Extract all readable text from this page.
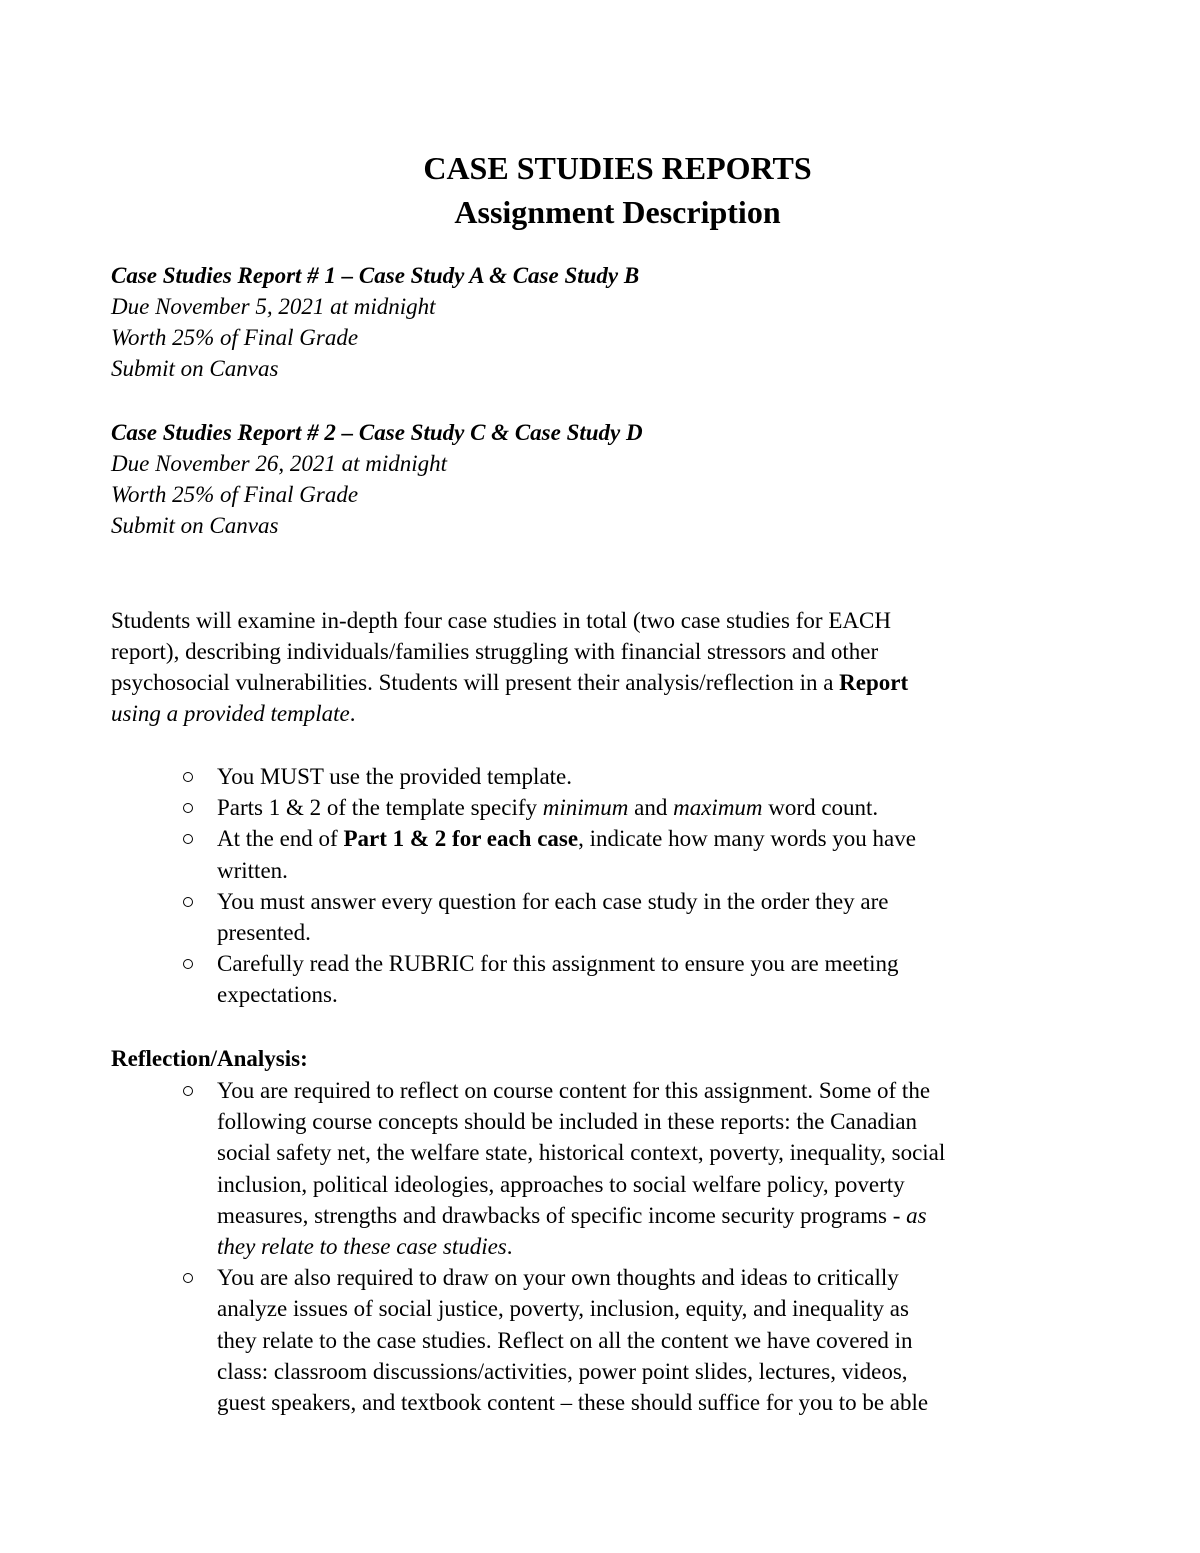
CASE STUDIES REPORTS
Assignment Description
Case Studies Report # 1 – Case Study A & Case Study B
Due November 5, 2021 at midnight
Worth 25% of Final Grade
Submit on Canvas
Case Studies Report # 2 – Case Study C & Case Study D
Due November 26, 2021 at midnight
Worth 25% of Final Grade
Submit on Canvas
Students will examine in-depth four case studies in total (two case studies for EACH
report), describing individuals/families struggling with financial stressors and other
psychosocial vulnerabilities. Students will present their analysis/reflection in a Report
using a provided template.
You MUST use the provided template.
Parts 1 & 2 of the template specify minimum and maximum word count.
At the end of Part 1 & 2 for each case, indicate how many words you have
written.
You must answer every question for each case study in the order they are
presented.
Carefully read the RUBRIC for this assignment to ensure you are meeting
expectations.

Reflection/Analysis:

You are required to reflect on course content for this assignment. Some of the
following course concepts should be included in these reports: the Canadian
social safety net, the welfare state, historical context, poverty, inequality, social
inclusion, political ideologies, approaches to social welfare policy, poverty
measures, strengths and drawbacks of specific income security programs - as
they relate to these case studies.
You are also required to draw on your own thoughts and ideas to critically
analyze issues of social justice, poverty, inclusion, equity, and inequality as
they relate to the case studies. Reflect on all the content we have covered in
class: classroom discussions/activities, power point slides, lectures, videos,
guest speakers, and textbook content – these should suffice for you to be able
